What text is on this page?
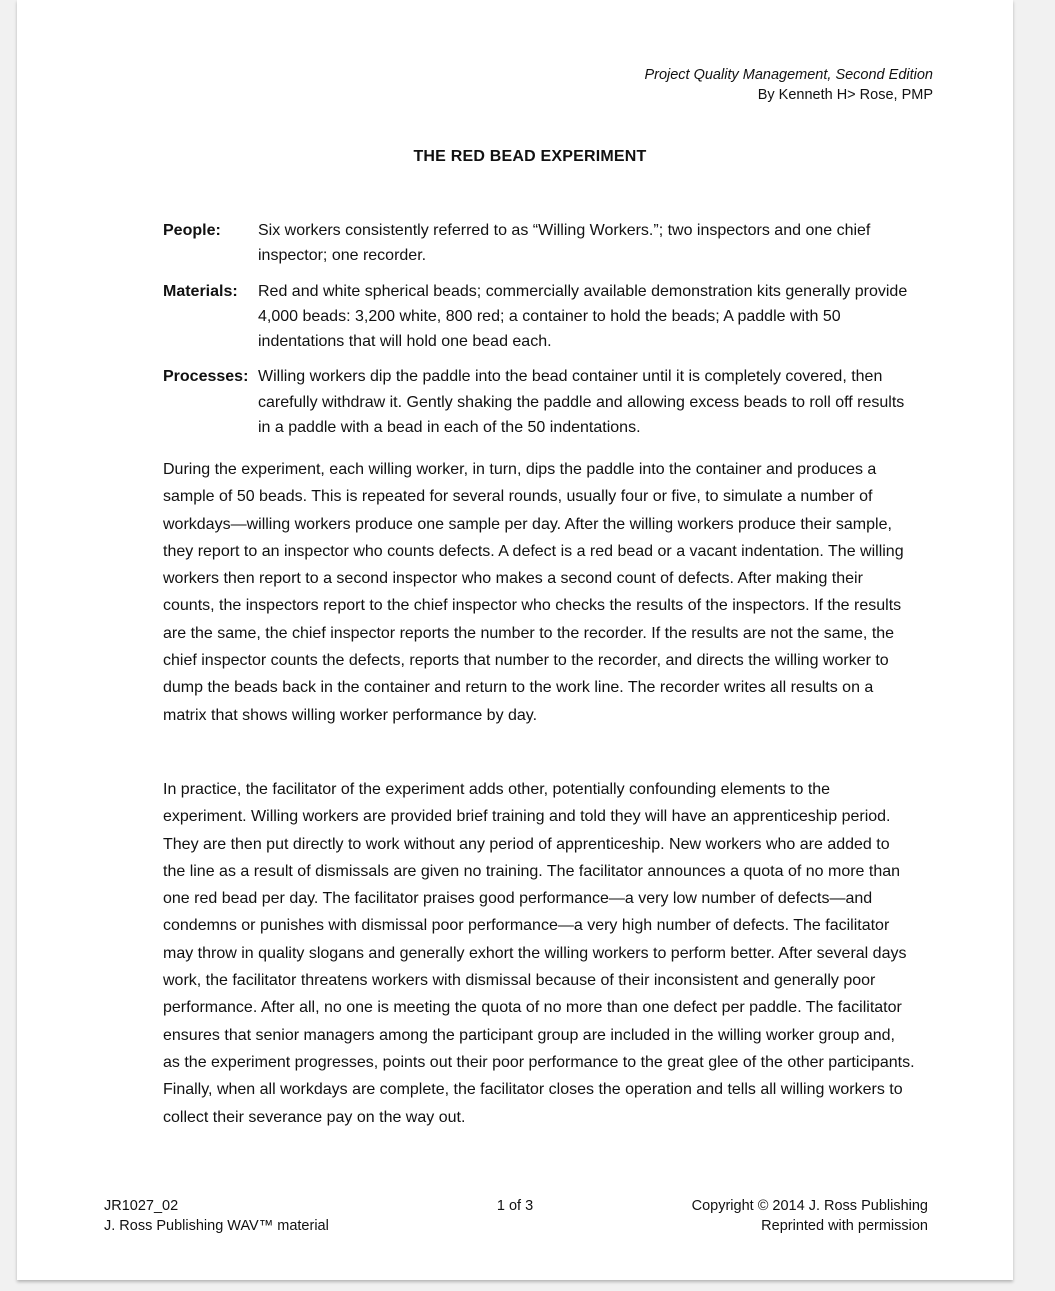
Project Quality Management, Second Edition
By Kenneth H> Rose, PMP
THE RED BEAD EXPERIMENT
People:	Six workers consistently referred to as “Willing Workers.”; two inspectors and one chief inspector; one recorder.
Materials:	Red and white spherical beads; commercially available demonstration kits generally provide 4,000 beads: 3,200 white, 800 red; a container to hold the beads; A paddle with 50 indentations that will hold one bead each.
Processes: Willing workers dip the paddle into the bead container until it is completely covered, then carefully withdraw it. Gently shaking the paddle and allowing excess beads to roll off results in a paddle with a bead in each of the 50 indentations.

During the experiment, each willing worker, in turn, dips the paddle into the container and produces a sample of 50 beads. This is repeated for several rounds, usually four or five, to simulate a number of workdays—willing workers produce one sample per day. After the willing workers produce their sample, they report to an inspector who counts defects. A defect is a red bead or a vacant indentation. The willing workers then report to a second inspector who makes a second count of defects. After making their counts, the inspectors report to the chief inspector who checks the results of the inspectors. If the results are the same, the chief inspector reports the number to the recorder. If the results are not the same, the chief inspector counts the defects, reports that number to the recorder, and directs the willing worker to dump the beads back in the container and return to the work line. The recorder writes all results on a matrix that shows willing worker performance by day.

In practice, the facilitator of the experiment adds other, potentially confounding elements to the experiment. Willing workers are provided brief training and told they will have an apprenticeship period. They are then put directly to work without any period of apprenticeship. New workers who are added to the line as a result of dismissals are given no training. The facilitator announces a quota of no more than one red bead per day. The facilitator praises good performance—a very low number of defects—and condemns or punishes with dismissal poor performance—a very high number of defects. The facilitator may throw in quality slogans and generally exhort the willing workers to perform better. After several days work, the facilitator threatens workers with dismissal because of their inconsistent and generally poor performance. After all, no one is meeting the quota of no more than one defect per paddle. The facilitator ensures that senior managers among the participant group are included in the willing worker group and, as the experiment progresses, points out their poor performance to the great glee of the other participants. Finally, when all workdays are complete, the facilitator closes the operation and tells all willing workers to collect their severance pay on the way out.

JR1027_02
J. Ross Publishing WAV™ material
1 of 3	Copyright © 2014 J. Ross Publishing
Reprinted with permission
